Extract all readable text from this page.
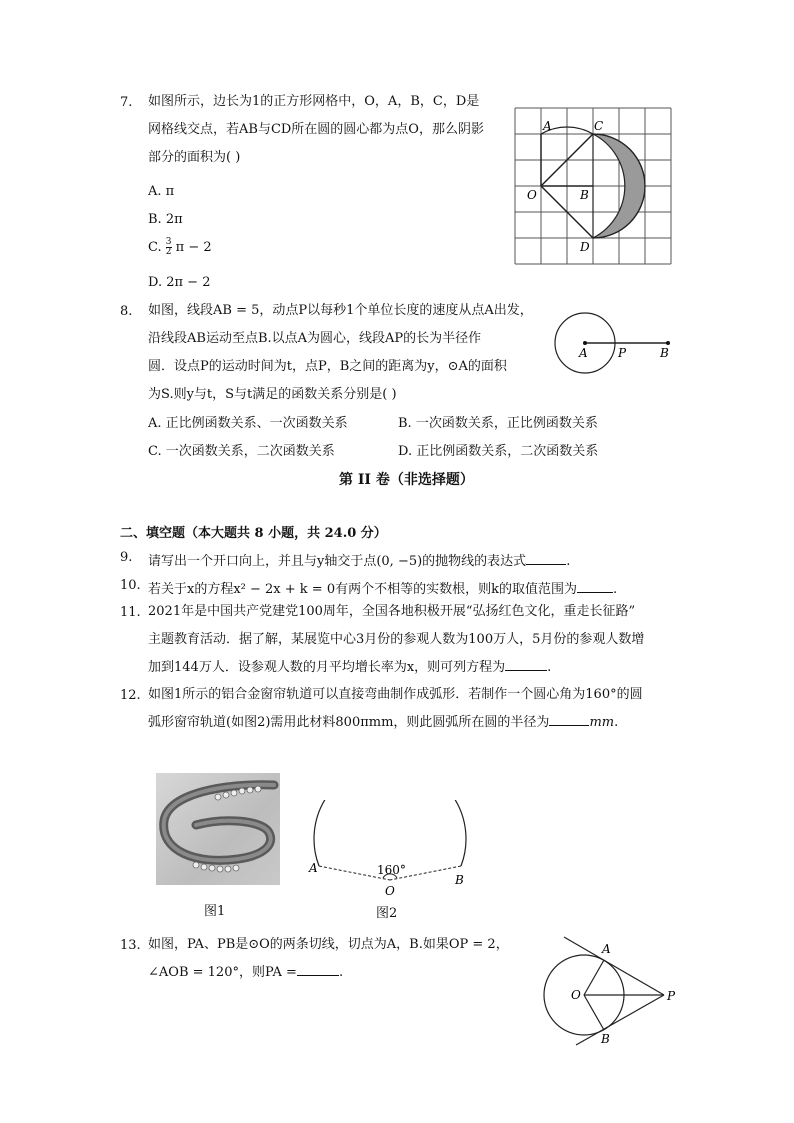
7. 如图所示，边长为1的正方形网格中，O，A，B，C，D是
网格线交点，若AB与CD所在圆的圆心都为点O，那么阴影
部分的面积为( )
A. π
B. 2π
C. $\frac{3}{2}$ π − 2
D. 2π − 2
A	C
O	B
D
8. 如图，线段AB = 5，动点P以每秒1个单位长度的速度从点A出发，
沿线段AB运动至点B.以点A为圆心，线段AP的长为半径作
圆．设点P的运动时间为t，点P，B之间的距离为y，⊙A的面积
为S.则y与t，S与t满足的函数关系分别是( )
A. 正比例函数关系、一次函数关系	B. 一次函数关系，正比例函数关系
C. 一次函数关系，二次函数关系	D. 正比例函数关系，二次函数关系
A	P	B
第 II 卷（非选择题）
二、填空题（本大题共 8 小题，共 24.0 分）
9. 请写出一个开口向上，并且与y轴交于点(0, −5)的抛物线的表达式	.
10. 若关于x的方程x² − 2x + k = 0有两个不相等的实数根，则k的取值范围为	.
11. 2021年是中国共产党建党100周年，全国各地积极开展“弘扬红色文化，重走长征路”
主题教育活动．据了解，某展览中心3月份的参观人数为100万人，5月份的参观人数增
加到144万人．设参观人数的月平均增长率为x，则可列方程为	.
12. 如图1所示的铝合金窗帘轨道可以直接弯曲制作成弧形．若制作一个圆心角为160°的圆
弧形窗帘轨道(如图2)需用此材料800πmm，则此圆弧所在圆的半径为	mm.
图1
A
B
O
160°
图2
13. 如图，PA、PB是⊙O的两条切线，切点为A，B.如果OP = 2，
∠AOB = 120°，则PA =	.
A
O	P
B
